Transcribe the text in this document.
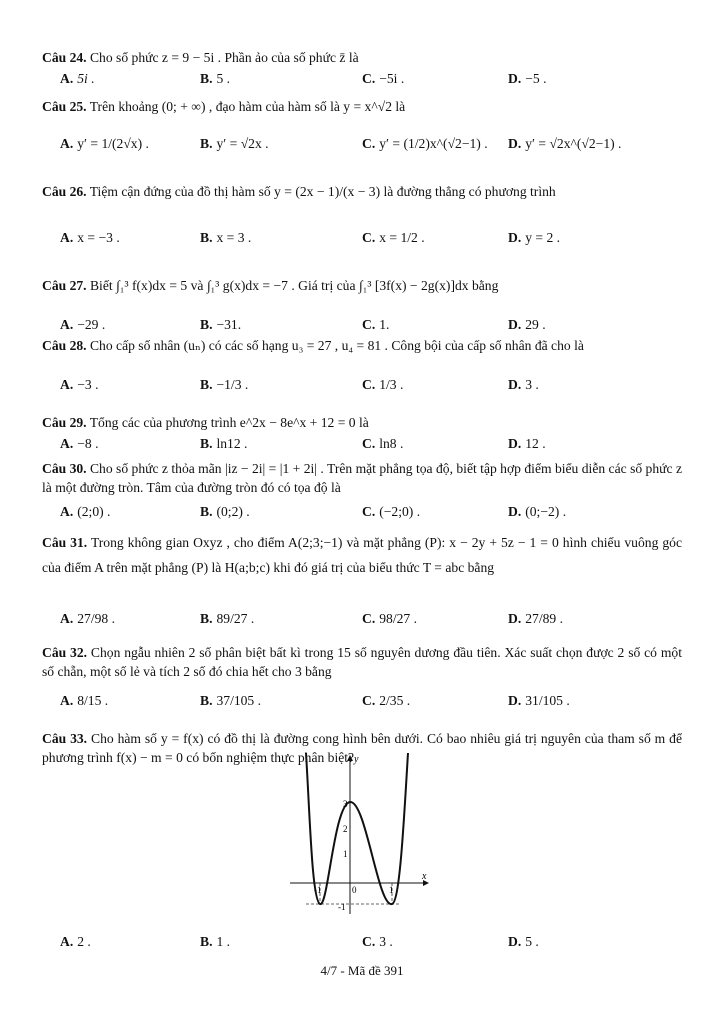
Câu 24. Cho số phức z = 9 − 5i . Phần ảo của số phức z̄ là
A. 5i .	B. 5 .	C. −5i .	D. −5 .
Câu 25. Trên khoảng (0; + ∞) , đạo hàm của hàm số là y = x^√2 là
A. y′ = 1/(2√x) .	B. y′ = √2x .	C. y′ = (1/2)x^(√2−1) . D. y′ = √2x^(√2−1) .
Câu 26. Tiệm cận đứng của đồ thị hàm số y = (2x − 1)/(x − 3) là đường thẳng có phương trình
A. x = −3 .	B. x = 3 .	C. x = 1/2 .	D. y = 2 .
Câu 27. Biết ∫₁³ f(x)dx = 5 và ∫₁³ g(x)dx = −7 . Giá trị của ∫₁³ [3f(x) − 2g(x)]dx bằng
A. −29 .	B. −31.	C. 1.	D. 29 .
Câu 28. Cho cấp số nhân (uₙ) có các số hạng u₃ = 27 , u₄ = 81 . Công bội của cấp số nhân đã cho là
A. −3 .	B. −1/3 .	C. 1/3 .	D. 3 .
Câu 29. Tổng các của phương trình e^2x − 8e^x + 12 = 0 là
A. −8 .	B. ln12 .	C. ln8 .	D. 12 .
Câu 30. Cho số phức z thỏa mãn |iz − 2i| = |1 + 2i| . Trên mặt phẳng tọa độ, biết tập hợp điểm biểu diễn các số phức z là một đường tròn. Tâm của đường tròn đó có tọa độ là
A. (2;0) .	B. (0;2) .	C. (−2;0) .	D. (0;−2) .
Câu 31. Trong không gian Oxyz , cho điểm A(2;3;−1) và mặt phẳng (P): x − 2y + 5z − 1 = 0 hình chiếu vuông góc của điểm A trên mặt phẳng (P) là H(a;b;c) khi đó giá trị của biểu thức T = abc bằng
A. 27/98 .	B. 89/27 .	C. 98/27 .	D. 27/89 .
Câu 32. Chọn ngẫu nhiên 2 số phân biệt bất kì trong 15 số nguyên dương đầu tiên. Xác suất chọn được 2 số có một số chẵn, một số lẻ và tích 2 số đó chia hết cho 3 bằng
A. 8/15 .	B. 37/105 .	C. 2/35 .	D. 31/105 .
Câu 33. Cho hàm số y = f(x) có đồ thị là đường cong hình bên dưới. Có bao nhiêu giá trị nguyên của tham số m để phương trình f(x) − m = 0 có bốn nghiệm thực phân biệt? y
x
3
2
1
0
-1
-1	1
A. 2 .	B. 1 .	C. 3 .	D. 5 .
4/7 - Mã đề 391
